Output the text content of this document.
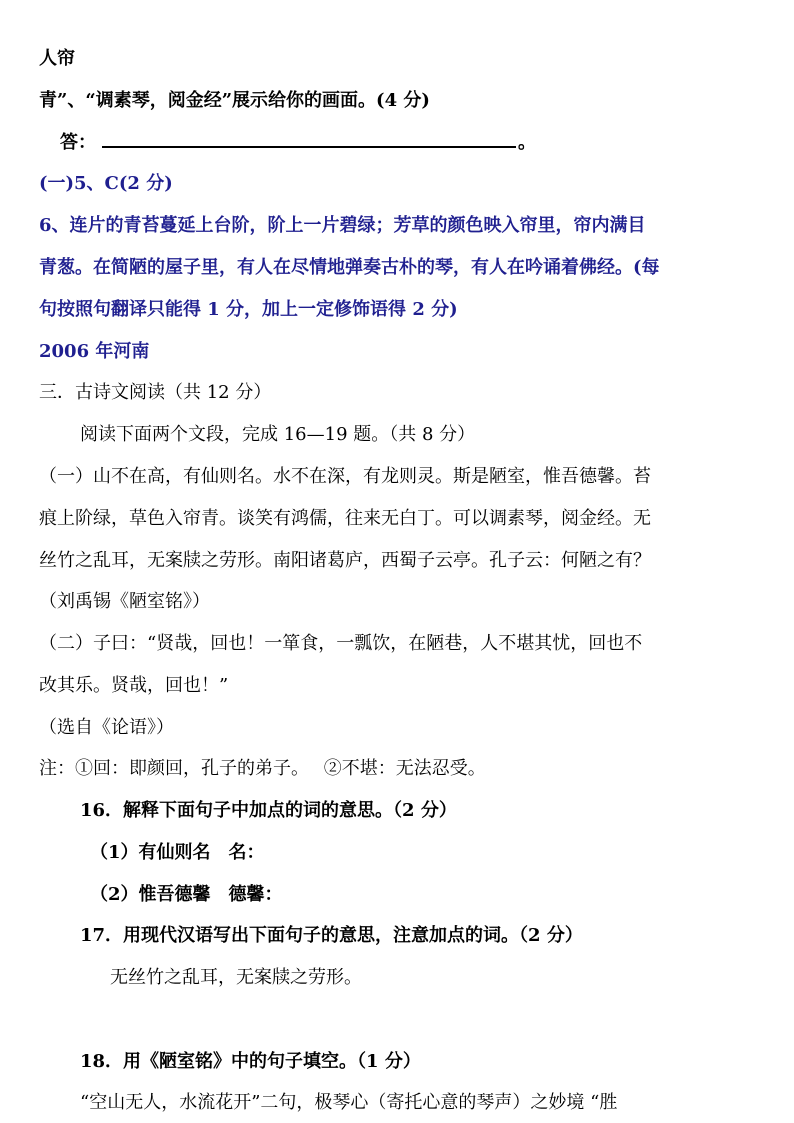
人帘
青”、“调素琴，阅金经”展示给你的画面。(4 分)
答：	。
(一)5、C(2 分)
6、连片的青苔蔓延上台阶，阶上一片碧绿；芳草的颜色映入帘里，帘内满目
青葱。在简陋的屋子里，有人在尽情地弹奏古朴的琴，有人在吟诵着佛经。(每
句按照句翻译只能得 1 分，加上一定修饰语得 2 分)
2006 年河南
三．古诗文阅读（共 12 分）
阅读下面两个文段，完成 16—19 题。（共 8 分）
（一）山不在高，有仙则名。水不在深，有龙则灵。斯是陋室，惟吾德馨。苔
痕上阶绿，草色入帘青。谈笑有鸿儒，往来无白丁。可以调素琴，阅金经。无
丝竹之乱耳，无案牍之劳形。南阳诸葛庐，西蜀子云亭。孔子云：何陋之有？
（刘禹锡《陋室铭》）
（二）子曰：“贤哉，回也！一箪食，一瓢饮，在陋巷，人不堪其忧，回也不
改其乐。贤哉，回也！”
（选自《论语》）
注：①回：即颜回，孔子的弟子。　 ②不堪：无法忍受。
16．解释下面句子中加点的词的意思。（2 分）
（1）有仙则名　名：
（2）惟吾德馨　德馨：
17．用现代汉语写出下面句子的意思，注意加点的词。（2 分）
无丝竹之乱耳，无案牍之劳形。
18．用《陋室铭》中的句子填空。（1 分）
“空山无人，水流花开”二句，极琴心（寄托心意的琴声）之妙境 “胜
